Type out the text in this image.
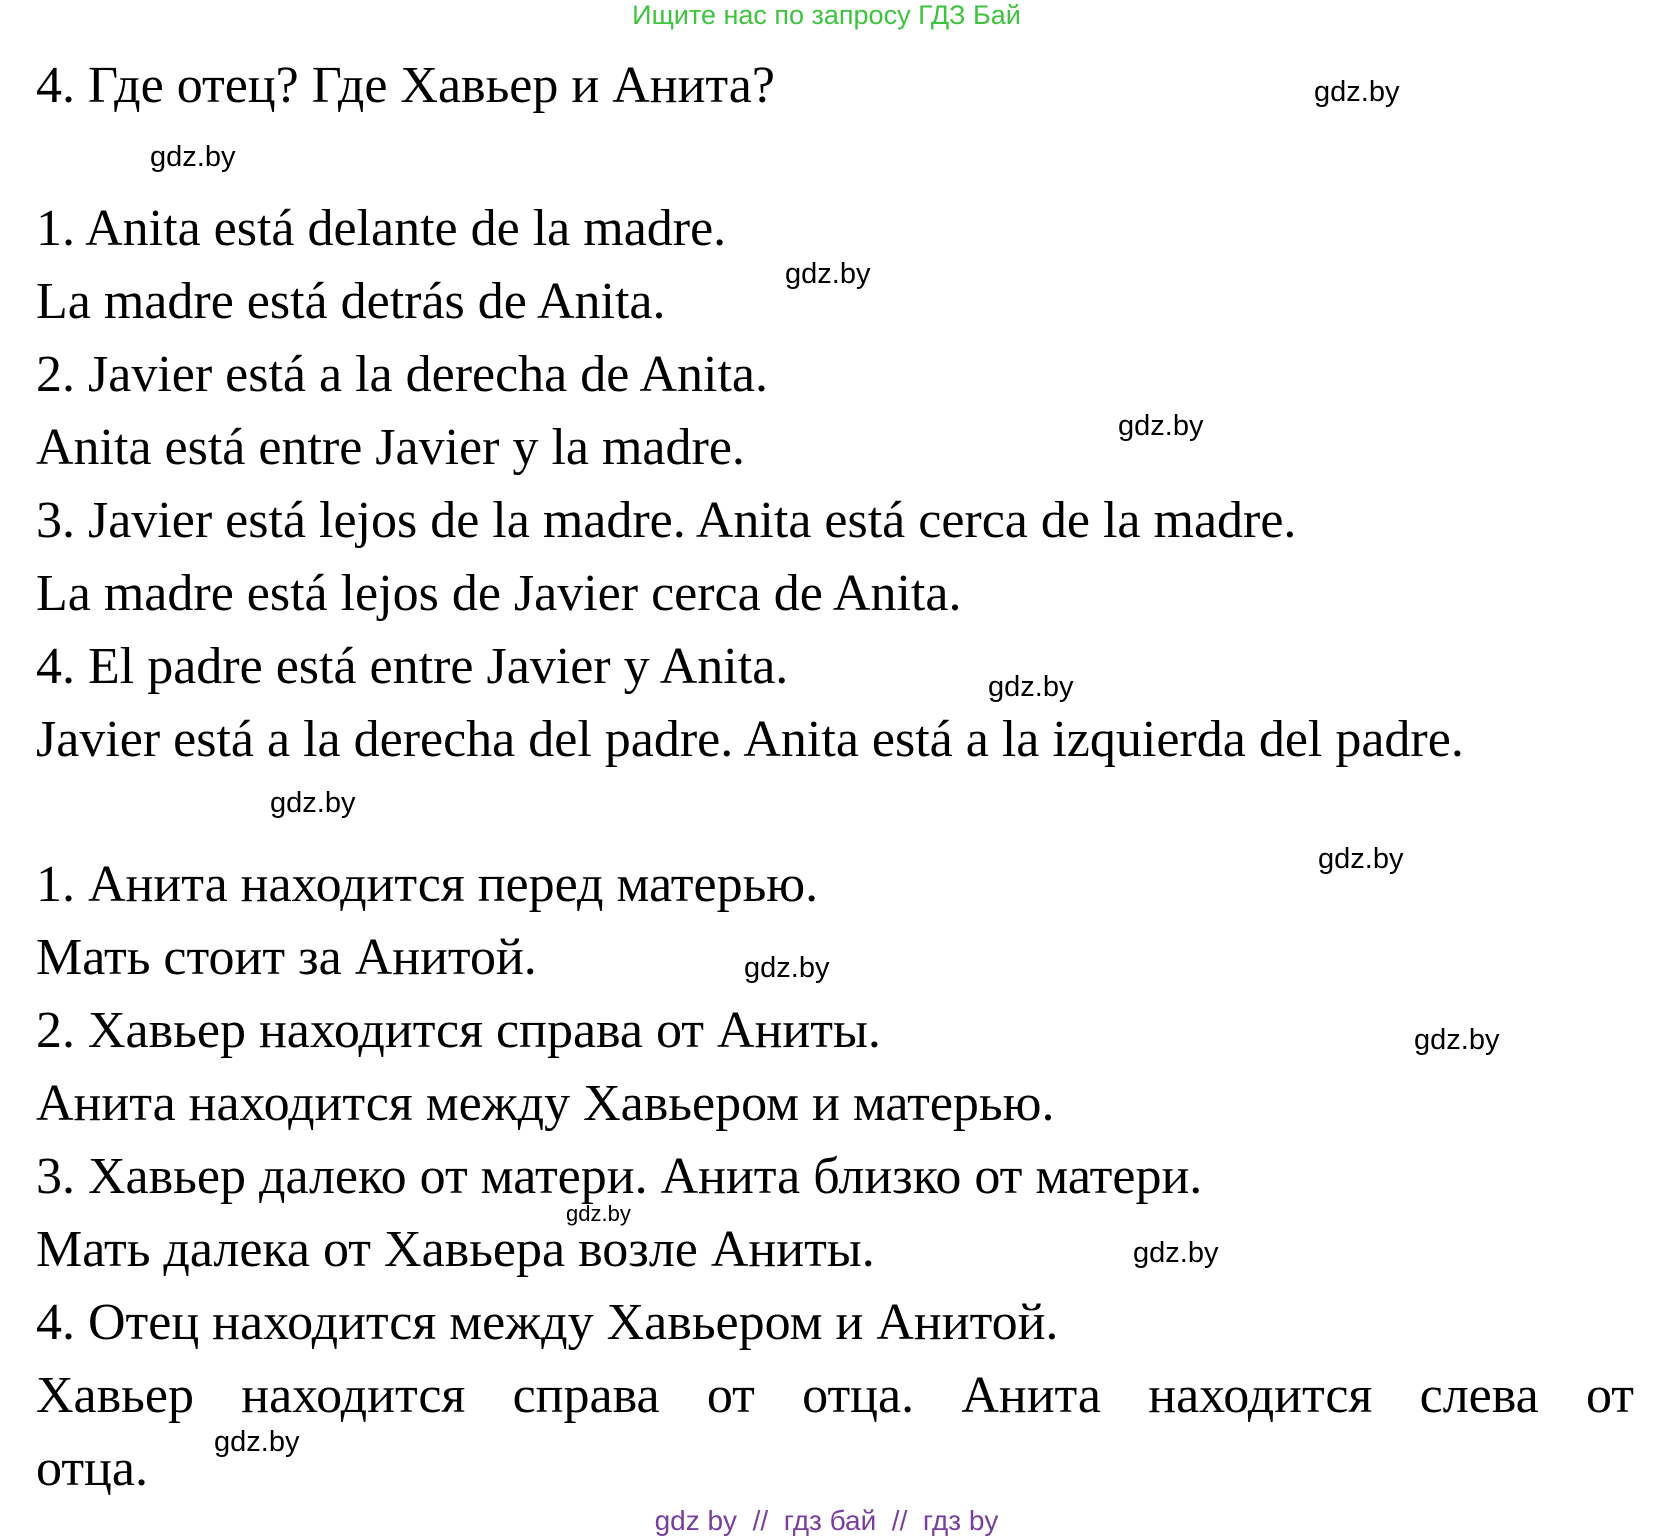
Ищите нас по запросу ГДЗ Бай
4. Где отец? Где Хавьер и Анита?
1. Anita está delante de la madre.
La madre está detrás de Anita.
2. Javier está a la derecha de Anita.
Anita está entre Javier y la madre.
3. Javier está lejos de la madre. Anita está cerca de la madre.
La madre está lejos de Javier cerca de Anita.
4. El padre está entre Javier y Anita.
Javier está a la derecha del padre. Anita está a la izquierda del padre.
1. Анита находится перед матерью.
Мать стоит за Анитой.
2. Хавьер находится справа от Аниты.
Анита находится между Хавьером и матерью.
3. Хавьер далеко от матери. Анита близко от матери.
Мать далека от Хавьера возле Аниты.
4. Отец находится между Хавьером и Анитой.
Хавьер находится справа от отца. Анита находится слева от
отца.
gdz.by
gdz.by
gdz.by
gdz.by
gdz.by
gdz.by
gdz.by
gdz.by
gdz.by
gdz.by
gdz.by
gdz.by
gdz by  //  гдз бай  //  гдз by
